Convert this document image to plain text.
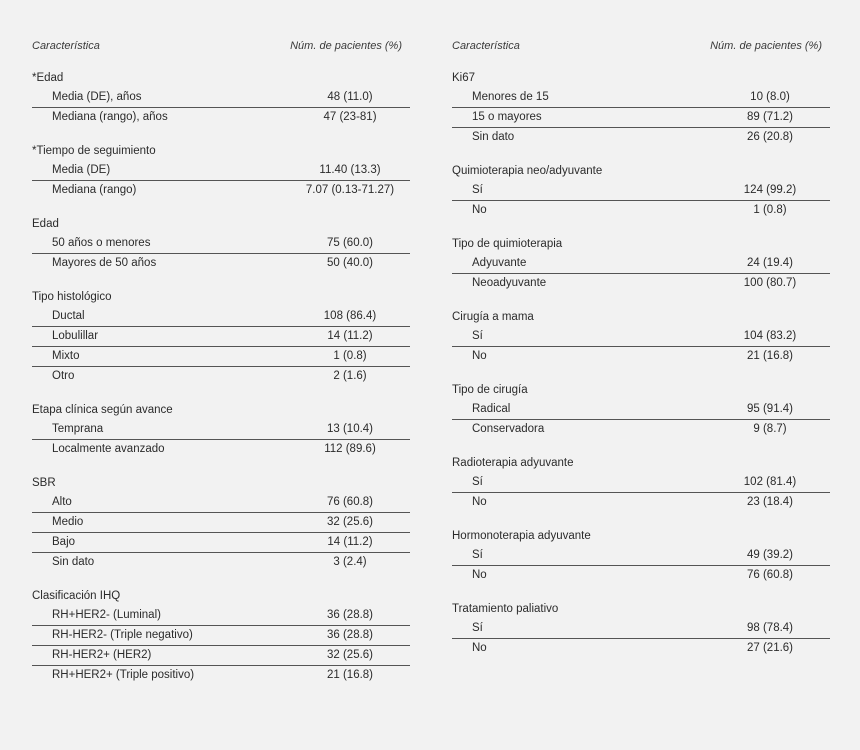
Característica	Núm. de pacientes (%)
*Edad
Media (DE), años	48 (11.0)
Mediana (rango), años	47 (23-81)
*Tiempo de seguimiento
Media (DE)	11.40 (13.3)
Mediana (rango)	7.07 (0.13-71.27)
Edad
50 años o menores	75 (60.0)
Mayores de 50 años	50 (40.0)
Tipo histológico
Ductal	108 (86.4)
Lobulillar	14 (11.2)
Mixto	1 (0.8)
Otro	2 (1.6)
Etapa clínica según avance
Temprana	13 (10.4)
Localmente avanzado	112 (89.6)
SBR
Alto	76 (60.8)
Medio	32 (25.6)
Bajo	14 (11.2)
Sin dato	3 (2.4)
Clasificación IHQ
RH+HER2- (Luminal)	36 (28.8)
RH-HER2- (Triple negativo)	36 (28.8)
RH-HER2+ (HER2)	32 (25.6)
RH+HER2+ (Triple positivo)	21 (16.8)
Característica	Núm. de pacientes (%)
Ki67
Menores de 15	10 (8.0)
15 o mayores	89 (71.2)
Sin dato	26 (20.8)
Quimioterapia neo/adyuvante
Sí	124 (99.2)
No	1 (0.8)
Tipo de quimioterapia
Adyuvante	24 (19.4)
Neoadyuvante	100 (80.7)
Cirugía a mama
Sí	104 (83.2)
No	21 (16.8)
Tipo de cirugía
Radical	95 (91.4)
Conservadora	9 (8.7)
Radioterapia adyuvante
Sí	102 (81.4)
No	23 (18.4)
Hormonoterapia adyuvante
Sí	49 (39.2)
No	76 (60.8)
Tratamiento paliativo
Sí	98 (78.4)
No	27 (21.6)
